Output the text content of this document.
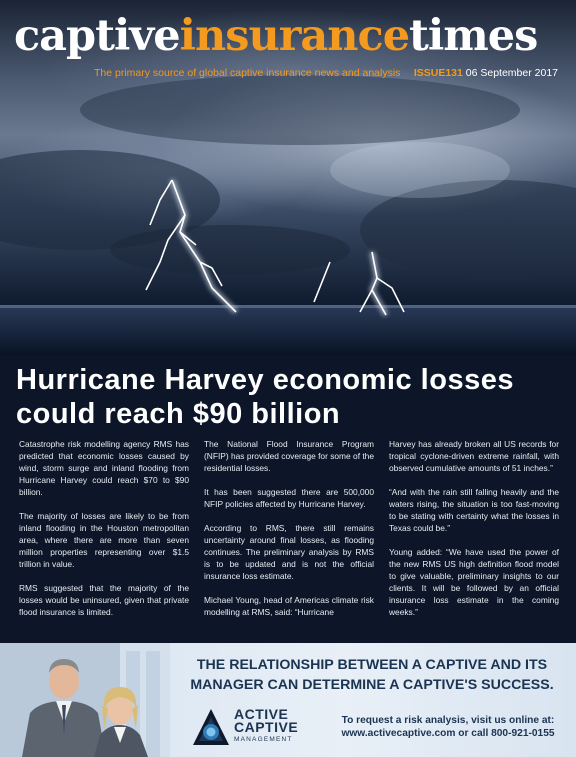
captiveinsurancetimes
The primary source of global captive insurance news and analysis ISSUE131 06 September 2017
Hurricane Harvey economic losses could reach $90 billion

Catastrophe risk modelling agency RMS has predicted that economic losses caused by wind, storm surge and inland flooding from Hurricane Harvey could reach $70 to $90 billion.

The majority of losses are likely to be from inland flooding in the Houston metropolitan area, where there are more than seven million properties representing over $1.5 trillion in value.

RMS suggested that the majority of the losses would be uninsured, given that private flood insurance is limited.

The National Flood Insurance Program (NFIP) has provided coverage for some of the residential losses.

It has been suggested there are 500,000 NFIP policies affected by Hurricane Harvey.

According to RMS, there still remains uncertainty around final losses, as flooding continues. The preliminary analysis by RMS is to be updated and is not the official insurance loss estimate.

Michael Young, head of Americas climate risk modelling at RMS, said: “Hurricane

Harvey has already broken all US records for tropical cyclone-driven extreme rainfall, with observed cumulative amounts of 51 inches.”

“And with the rain still falling heavily and the waters rising, the situation is too fast-moving to be stating with certainty what the losses in Texas could be.”

Young added: “We have used the power of the new RMS US high definition flood model to give valuable, preliminary insights to our clients. It will be followed by an official insurance loss estimate in the coming weeks.”

THE RELATIONSHIP BETWEEN A CAPTIVE AND ITS
MANAGER CAN DETERMINE A CAPTIVE'S SUCCESS.
ACTIVE
CAPTIVE
MANAGEMENT
To request a risk analysis, visit us online at:
www.activecaptive.com or call 800-921-0155
